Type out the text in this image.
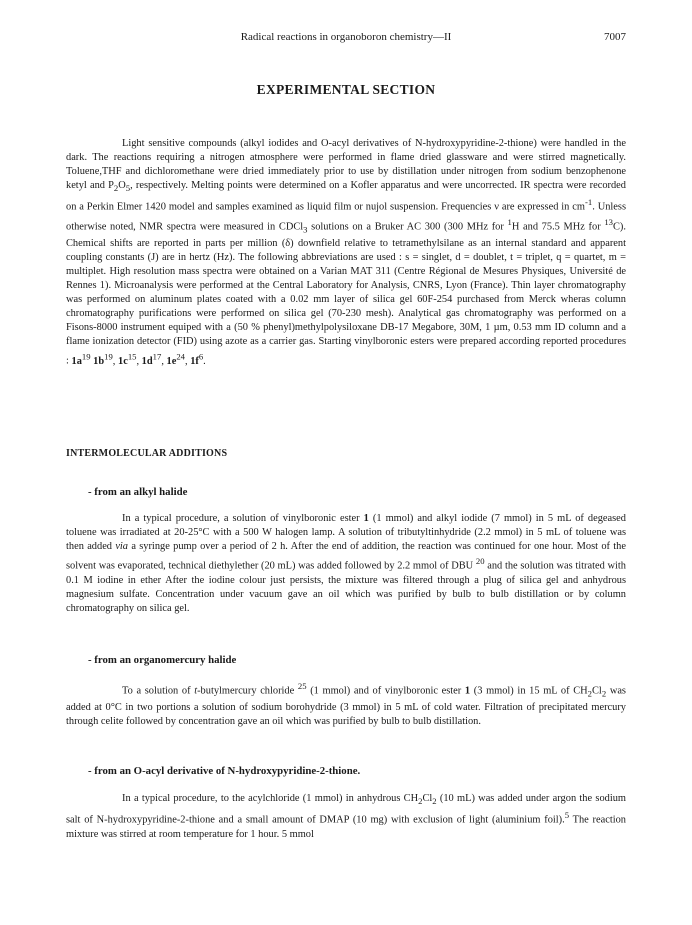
Radical reactions in organoboron chemistry—II	7007
EXPERIMENTAL SECTION

Light sensitive compounds (alkyl iodides and O-acyl derivatives of N-hydroxypyridine-2-thione) were handled in the dark. The reactions requiring a nitrogen atmosphere were performed in flame dried glassware and were stirred magnetically. Toluene,THF and dichloromethane were dried immediately prior to use by distillation under nitrogen from sodium benzophenone ketyl and $P_2O_5$, respectively. Melting points were determined on a Kofler apparatus and were uncorrected. IR spectra were recorded on a Perkin Elmer 1420 model and samples examined as liquid film or nujol suspension. Frequencies ν are expressed in $cm^{-1}$. Unless otherwise noted, NMR spectra were measured in CDCl$_3$ solutions on a Bruker AC 300 (300 MHz for $^1$H and 75.5 MHz for $^{13}$C). Chemical shifts are reported in parts per million (δ) downfield relative to tetramethylsilane as an internal standard and apparent coupling constants (J) are in hertz (Hz). The following abbreviations are used : s = singlet, d = doublet, t = triplet, q = quartet, m = multiplet. High resolution mass spectra were obtained on a Varian MAT 311 (Centre Régional de Mesures Physiques, Université de Rennes 1). Microanalysis were performed at the Central Laboratory for Analysis, CNRS, Lyon (France). Thin layer chromatography was performed on aluminum plates coated with a 0.02 mm layer of silica gel 60F-254 purchased from Merck wheras column chromatography purifications were performed on silica gel (70-230 mesh). Analytical gas chromatography was performed on a Fisons-8000 instrument equiped with a (50 % phenyl)methylpolysiloxane DB-17 Megabore, 30M, 1 µm, 0.53 mm ID column and a flame ionization detector (FID) using azote as a carrier gas. Starting vinylboronic esters were prepared according reported procedures : $1a^{19}$ $1b^{19}$, $1c^{15}$, $1d^{17}$, $1e^{24}$, $1f^6$.

INTERMOLECULAR ADDITIONS
- from an alkyl halide

In a typical procedure, a solution of vinylboronic ester 1 (1 mmol) and alkyl iodide (7 mmol) in 5 mL of degeased toluene was irradiated at 20-25°C with a 500 W halogen lamp. A solution of tributyltinhydride (2.2 mmol) in 5 mL of toluene was then added via a syringe pump over a period of 2 h. After the end of addition, the reaction was continued for one hour. Most of the solvent was evaporated, technical diethylether (20 mL) was added followed by 2.2 mmol of DBU $^{20}$ and the solution was titrated with 0.1 M iodine in ether After the iodine colour just persists, the mixture was filtered through a plug of silica gel and anhydrous magnesium sulfate. Concentration under vacuum gave an oil which was purified by bulb to bulb distillation or by column chromatography on silica gel.

- from an organomercury halide

To a solution of t-butylmercury chloride $^{25}$ (1 mmol) and of vinylboronic ester 1 (3 mmol) in 15 mL of $CH_2Cl_2$ was added at 0°C in two portions a solution of sodium borohydride (3 mmol) in 5 mL of cold water. Filtration of precipitated mercury through celite followed by concentration gave an oil which was purified by bulb to bulb distillation.

- from an O-acyl derivative of N-hydroxypyridine-2-thione.

In a typical procedure, to the acylchloride (1 mmol) in anhydrous $CH_2Cl_2$ (10 mL) was added under argon the sodium salt of N-hydroxypyridine-2-thione and a small amount of DMAP (10 mg) with exclusion of light (aluminium foil).$^5$ The reaction mixture was stirred at room temperature for 1 hour. 5 mmol
